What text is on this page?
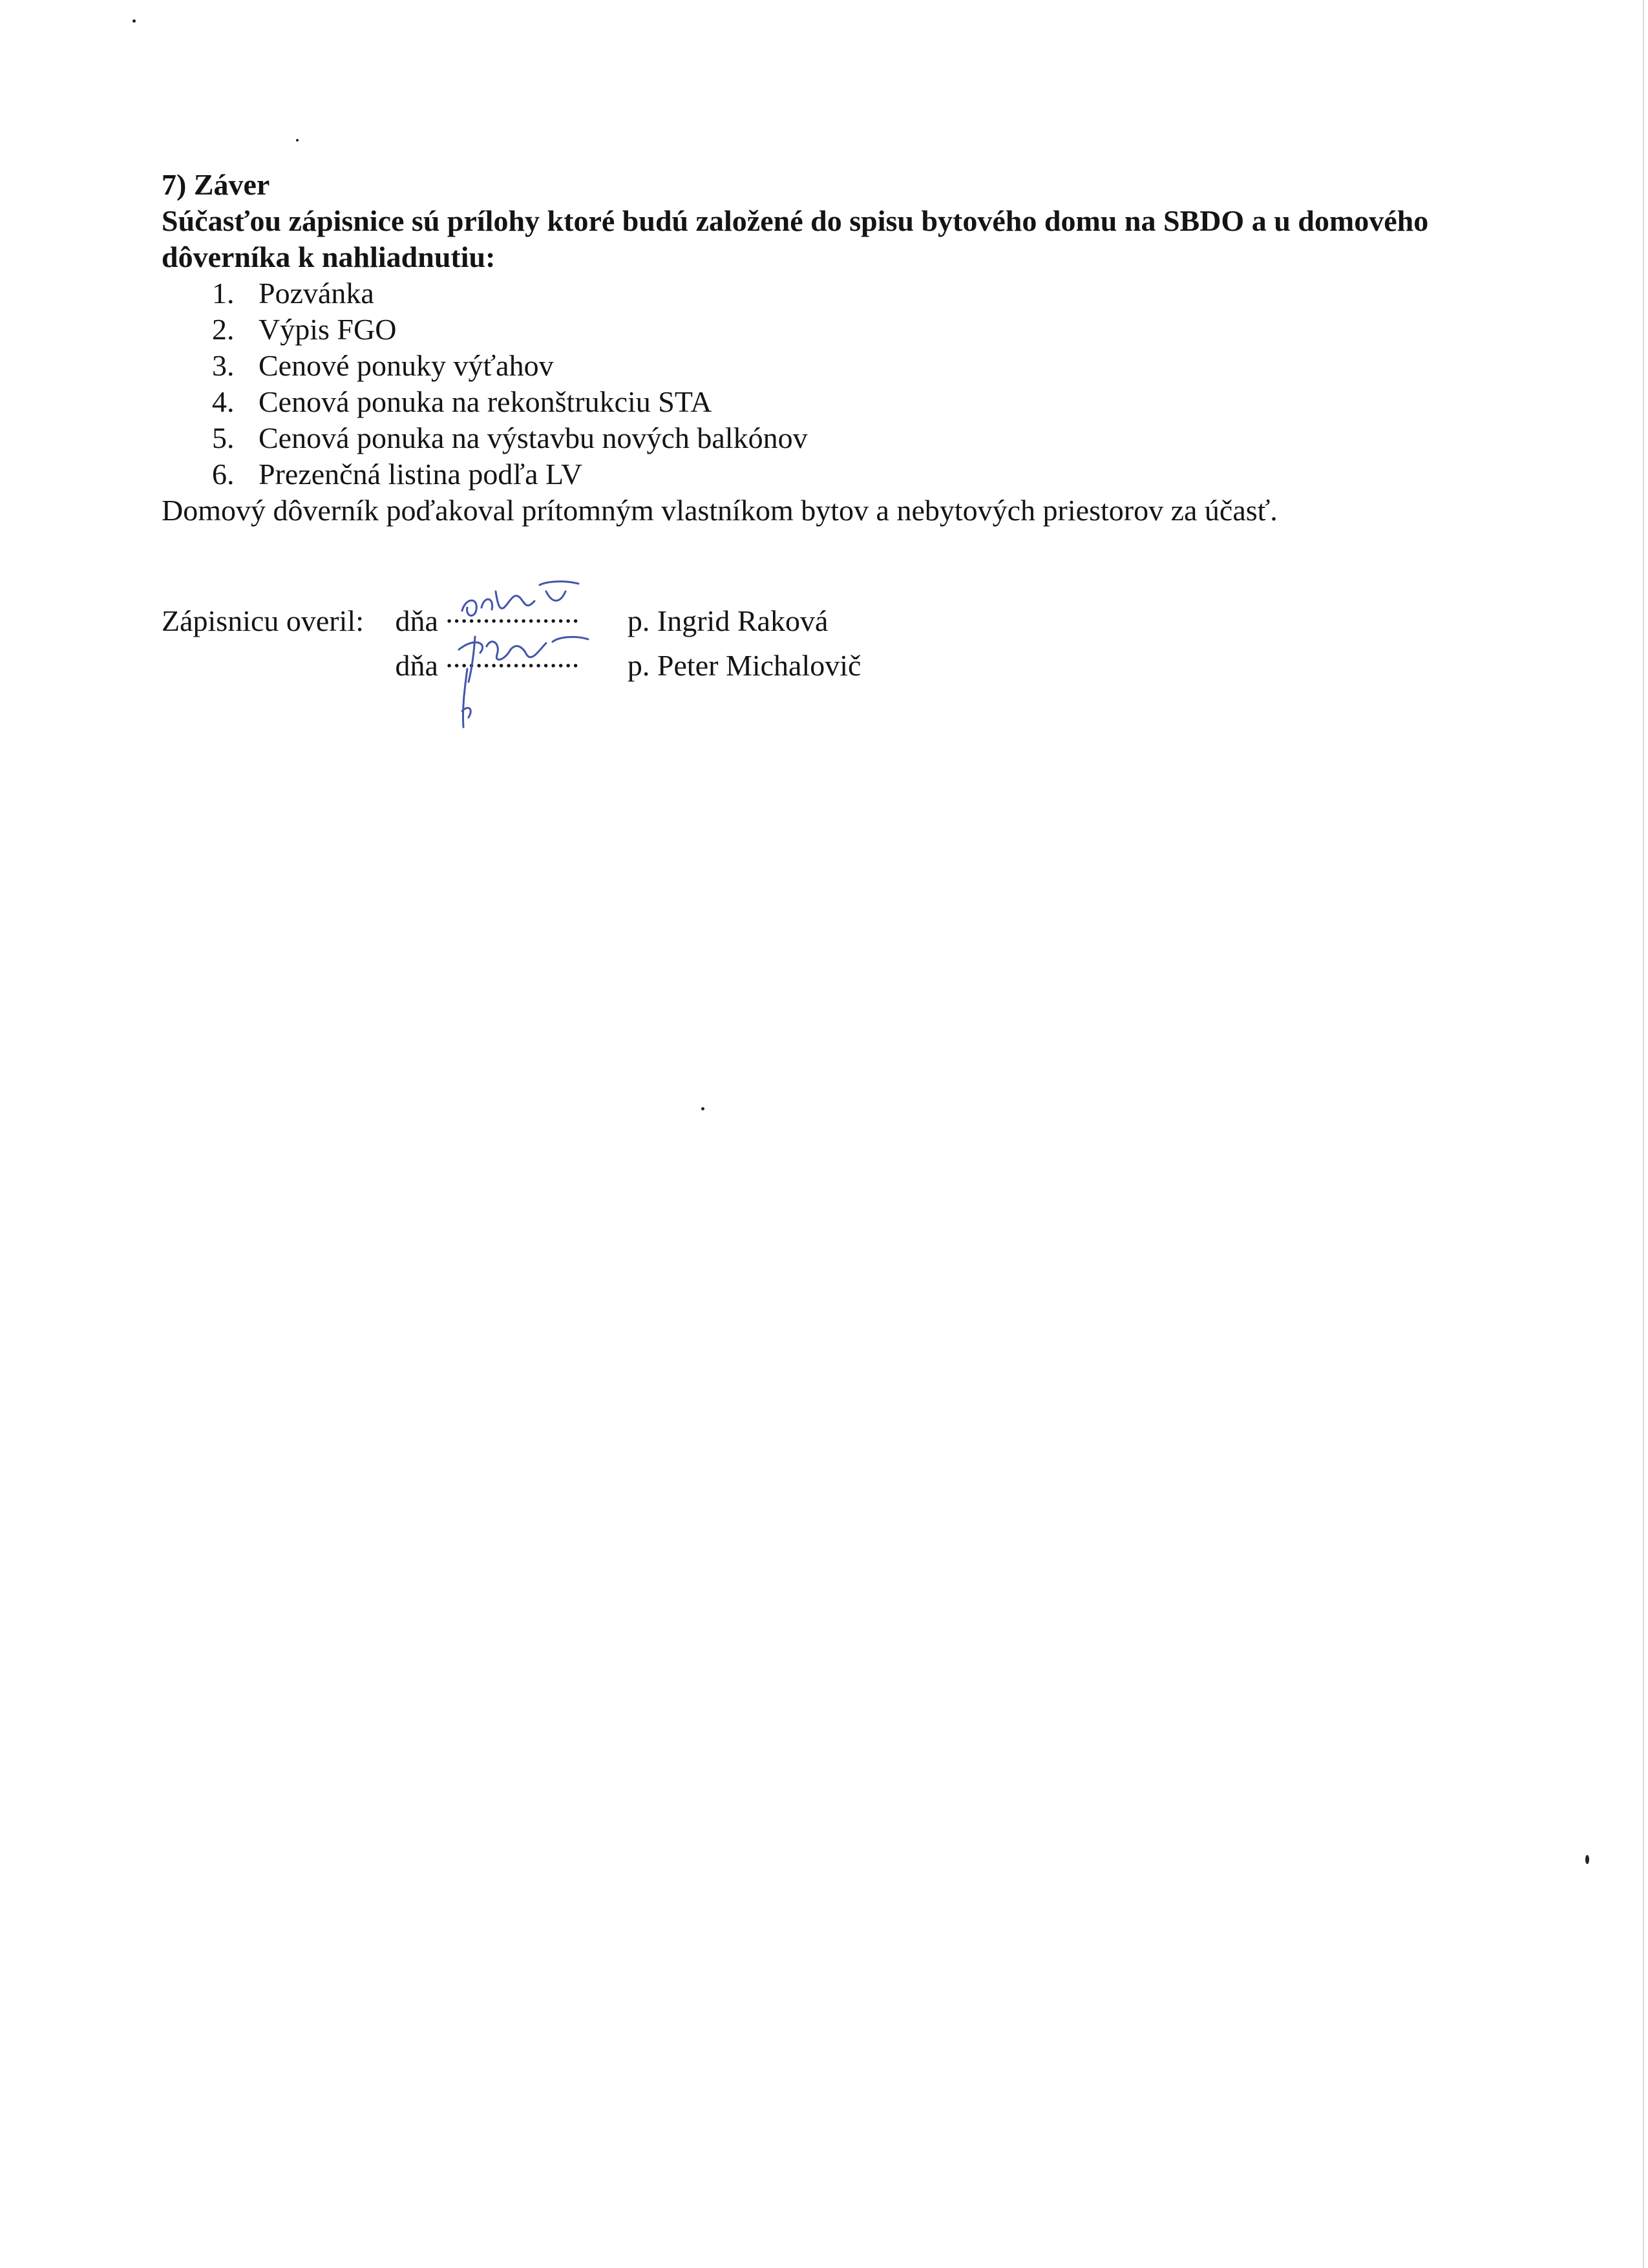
7) Záver

Súčasťou zápisnice sú prílohy ktoré budú založené do spisu bytového domu na SBDO a u domového dôverníka k nahliadnutiu:

1. Pozvánka
2. Výpis FGO
3. Cenové ponuky výťahov
4. Cenová ponuka na rekonštrukciu STA
5. Cenová ponuka na výstavbu nových balkónov
6. Prezenčná listina podľa LV

Domový dôverník poďakoval prítomným vlastníkom bytov a nebytových priestorov za účasť.

Zápisnicu overil: dňa .................. p. Ingrid Raková
dňa .................. p. Peter Michalovič
